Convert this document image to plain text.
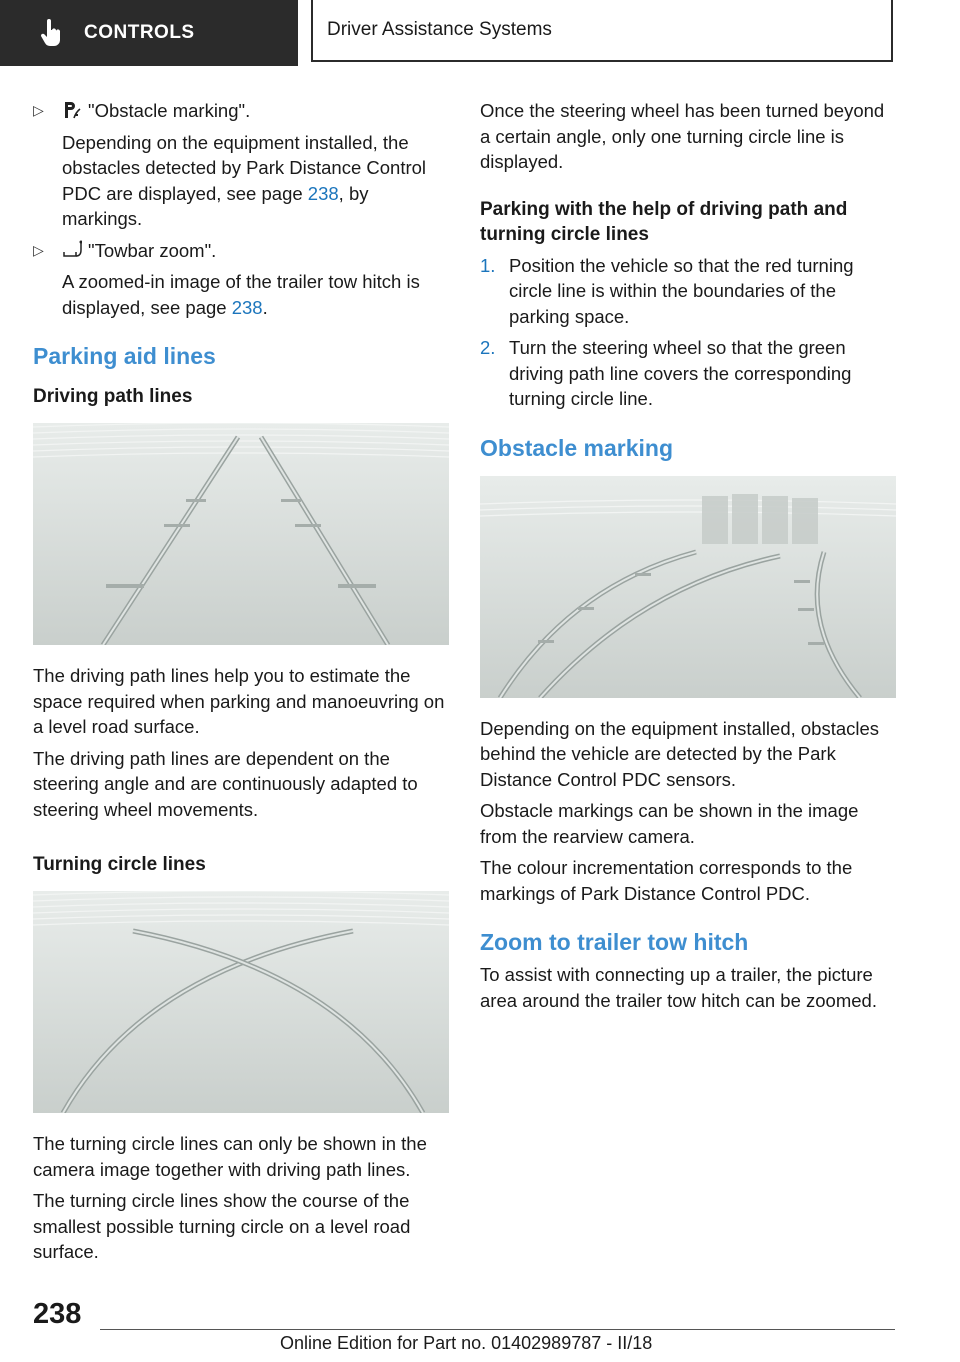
CONTROLS	Driver Assistance Systems
▷ "Obstacle marking".

Depending on the equipment installed, the obstacles detected by Park Distance Control PDC are displayed, see page 238, by markings.

▷ "Towbar zoom".

A zoomed-in image of the trailer tow hitch is displayed, see page 238.

Parking aid lines
Driving path lines

The driving path lines help you to estimate the space required when parking and manoeuvring on a level road surface.

The driving path lines are dependent on the steering angle and are continuously adapted to steering wheel movements.

Turning circle lines

The turning circle lines can only be shown in the camera image together with driving path lines.

The turning circle lines show the course of the smallest possible turning circle on a level road surface.

Once the steering wheel has been turned beyond a certain angle, only one turning circle line is displayed.

Parking with the help of driving path and turning circle lines
1. Position the vehicle so that the red turning circle line is within the boundaries of the parking space.
2. Turn the steering wheel so that the green driving path line covers the corresponding turning circle line.
Obstacle marking

Depending on the equipment installed, obstacles behind the vehicle are detected by the Park Distance Control PDC sensors.

Obstacle markings can be shown in the image from the rearview camera.

The colour incrementation corresponds to the markings of Park Distance Control PDC.

Zoom to trailer tow hitch

To assist with connecting up a trailer, the picture area around the trailer tow hitch can be zoomed.

238
Online Edition for Part no. 01402989787 - II/18
